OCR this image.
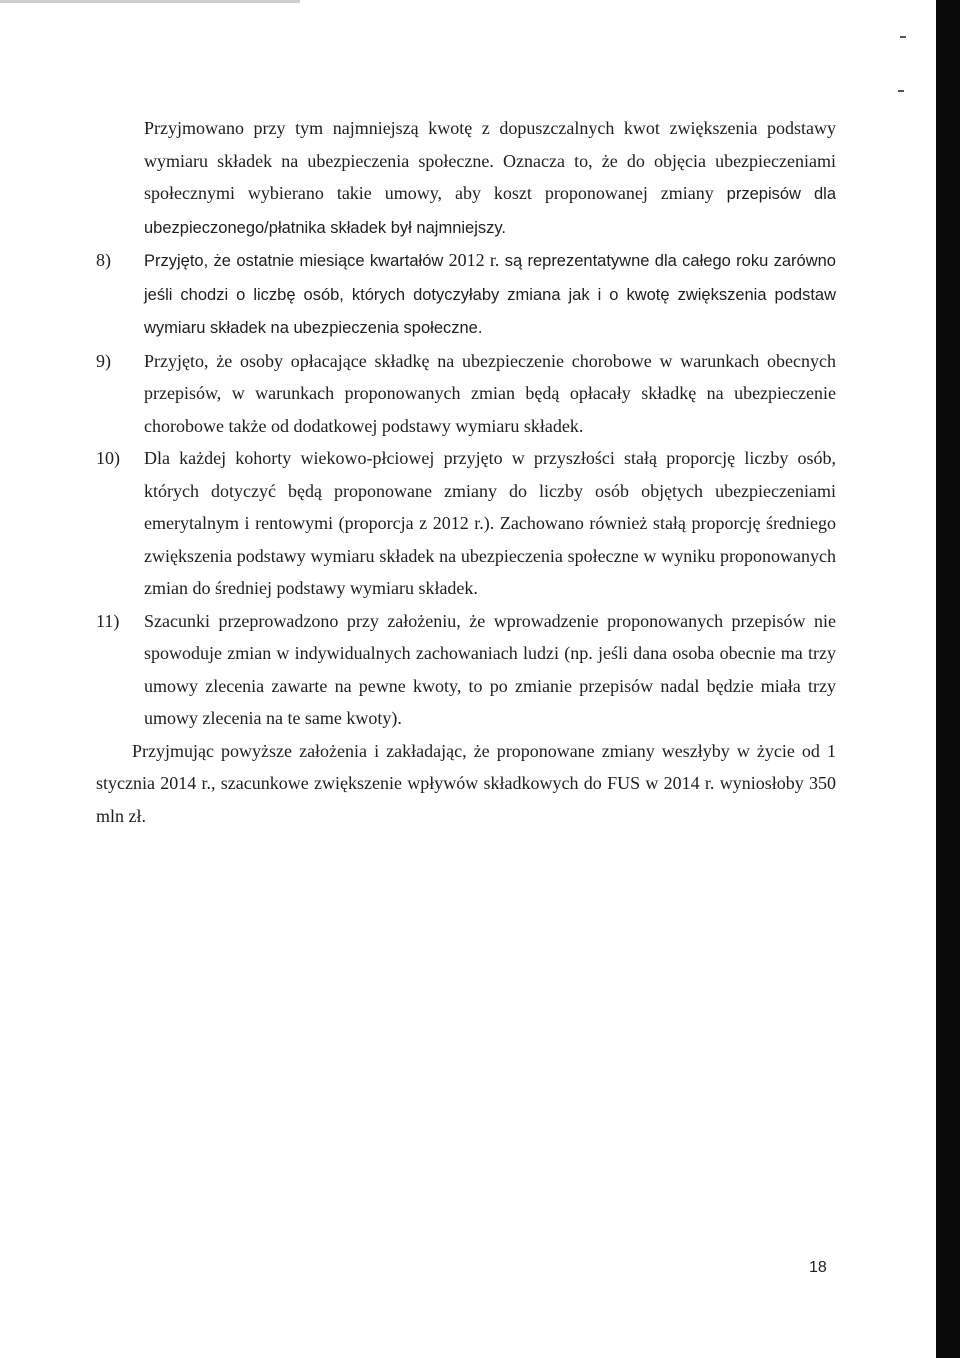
Przyjmowano przy tym najmniejszą kwotę z dopuszczalnych kwot zwiększenia podstawy wymiaru składek na ubezpieczenia społeczne. Oznacza to, że do objęcia ubezpieczeniami społecznymi wybierano takie umowy, aby koszt proponowanej zmiany przepisów dla ubezpieczonego/płatnika składek był najmniejszy.

8)	Przyjęto, że ostatnie miesiące kwartałów 2012 r. są reprezentatywne dla całego roku zarówno jeśli chodzi o liczbę osób, których dotyczyłaby zmiana jak i o kwotę zwiększenia podstaw wymiaru składek na ubezpieczenia społeczne.
9)	Przyjęto, że osoby opłacające składkę na ubezpieczenie chorobowe w warunkach obecnych przepisów, w warunkach proponowanych zmian będą opłacały składkę na ubezpieczenie chorobowe także od dodatkowej podstawy wymiaru składek.
10)	Dla każdej kohorty wiekowo-płciowej przyjęto w przyszłości stałą proporcję liczby osób, których dotyczyć będą proponowane zmiany do liczby osób objętych ubezpieczeniami emerytalnym i rentowymi (proporcja z 2012 r.). Zachowano również stałą proporcję średniego zwiększenia podstawy wymiaru składek na ubezpieczenia społeczne w wyniku proponowanych zmian do średniej podstawy wymiaru składek.
11)	Szacunki przeprowadzono przy założeniu, że wprowadzenie proponowanych przepisów nie spowoduje zmian w indywidualnych zachowaniach ludzi (np. jeśli dana osoba obecnie ma trzy umowy zlecenia zawarte na pewne kwoty, to po zmianie przepisów nadal będzie miała trzy umowy zlecenia na te same kwoty).

Przyjmując powyższe założenia i zakładając, że proponowane zmiany weszłyby w życie od 1 stycznia 2014 r., szacunkowe zwiększenie wpływów składkowych do FUS w 2014 r. wyniosłoby 350 mln zł.

18
